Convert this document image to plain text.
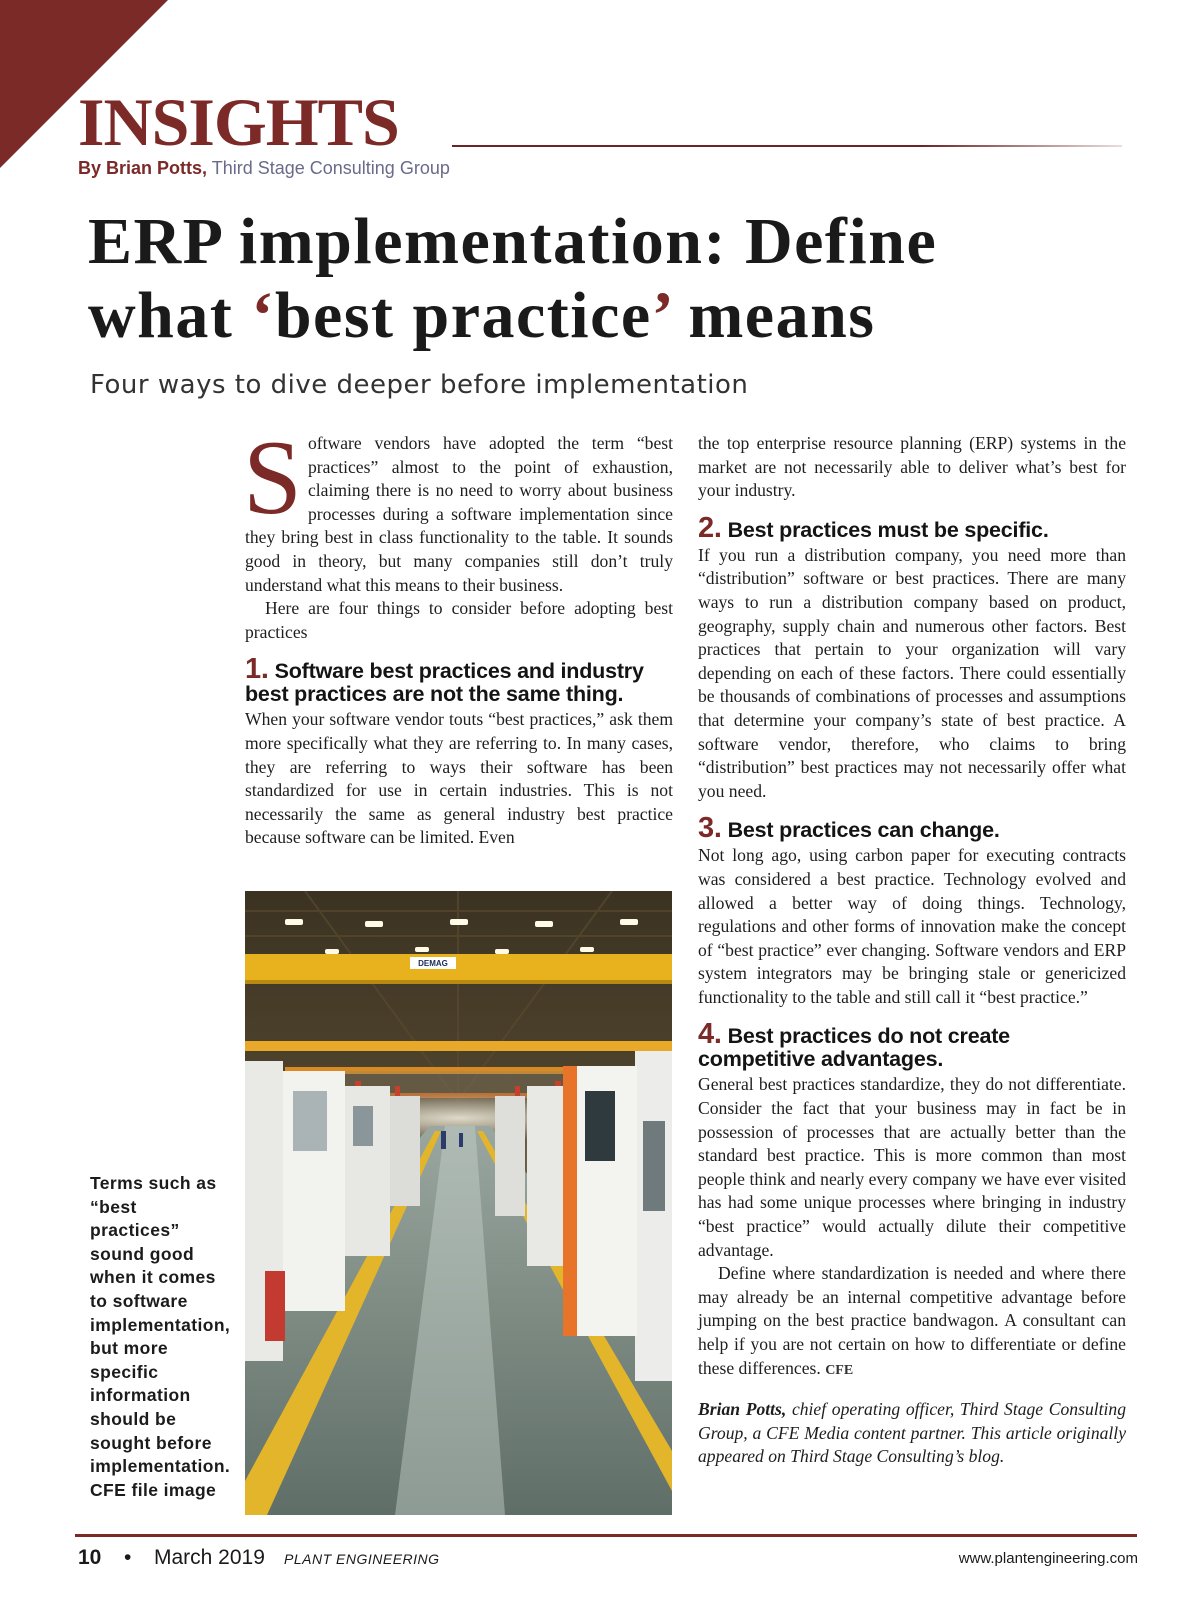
INSIGHTS
By Brian Potts, Third Stage Consulting Group
ERP implementation: Define
what ‘best practice’ means
Four ways to dive deeper before implementation

Software vendors have adopted the term “best practices” almost to the point of exhaustion, claiming there is no need to worry about business processes during a software implementation since they bring best in class functionality to the table. It sounds good in theory, but many companies still don’t truly understand what this means to their business.

Here are four things to consider before adopting best practices

1. Software best practices and industry best practices are not the same thing.

When your software vendor touts “best practices,” ask them more specifically what they are referring to. In many cases, they are referring to ways their software has been standardized for use in certain industries. This is not necessarily the same as general industry best practice because software can be limited. Even

DEMAG

Terms such as “best practices” sound good when it comes to software implementation, but more specific information should be sought before implementation. CFE file image

the top enterprise resource planning (ERP) systems in the market are not necessarily able to deliver what’s best for your industry.

2. Best practices must be specific.

If you run a distribution company, you need more than “distribution” software or best practices. There are many ways to run a distribution company based on product, geography, supply chain and numerous other factors. Best practices that pertain to your organization will vary depending on each of these factors. There could essentially be thousands of combinations of processes and assumptions that determine your company’s state of best practice. A software vendor, therefore, who claims to bring “distribution” best practices may not necessarily offer what you need.

3. Best practices can change.

Not long ago, using carbon paper for executing contracts was considered a best practice. Technology evolved and allowed a better way of doing things. Technology, regulations and other forms of innovation make the concept of “best practice” ever changing. Software vendors and ERP system integrators may be bringing stale or genericized functionality to the table and still call it “best practice.”

4. Best practices do not create competitive advantages.

General best practices standardize, they do not differentiate. Consider the fact that your business may in fact be in possession of processes that are actually better than the standard best practice. This is more common than most people think and nearly every company we have ever visited has had some unique processes where bringing in industry “best practice” would actually dilute their competitive advantage.

Define where standardization is needed and where there may already be an internal competitive advantage before jumping on the best practice bandwagon. A consultant can help if you are not certain on how to differentiate or define these differences. CFE

Brian Potts, chief operating officer, Third Stage Consulting Group, a CFE Media content partner. This article originally appeared on Third Stage Consulting’s blog.

10 • March 2019 PLANT ENGINEERING	www.plantengineering.com
